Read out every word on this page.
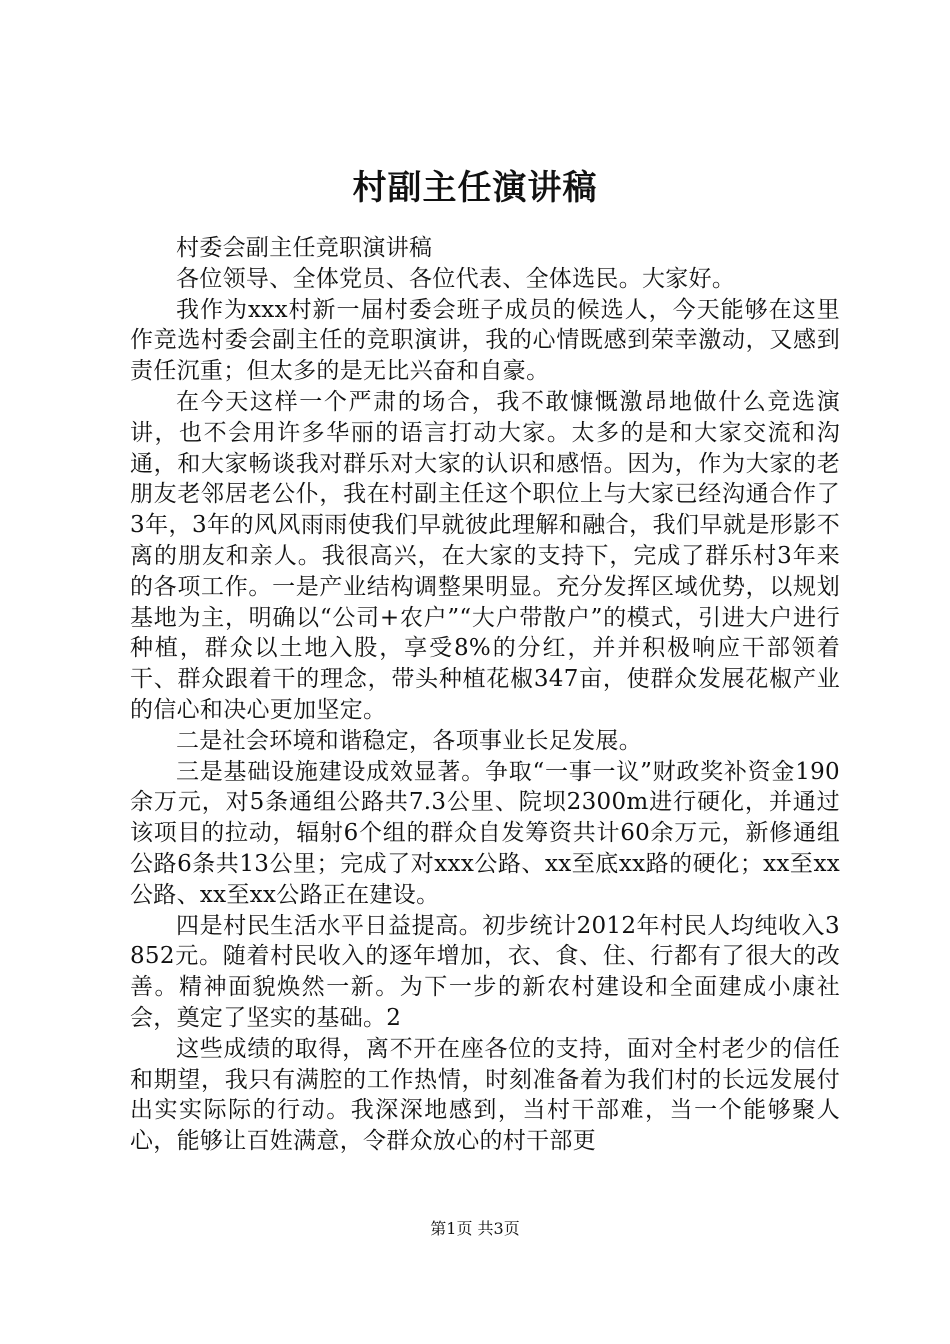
村副主任演讲稿

村委会副主任竞职演讲稿

各位领导、全体党员、各位代表、全体选民。大家好。

我作为xxx村新一届村委会班子成员的候选人，今天能够在这里作竞选村委会副主任的竞职演讲，我的心情既感到荣幸激动，又感到责任沉重；但太多的是无比兴奋和自豪。

在今天这样一个严肃的场合，我不敢慷慨激昂地做什么竞选演讲，也不会用许多华丽的语言打动大家。太多的是和大家交流和沟通，和大家畅谈我对群乐对大家的认识和感悟。因为，作为大家的老朋友老邻居老公仆，我在村副主任这个职位上与大家已经沟通合作了3年，3年的风风雨雨使我们早就彼此理解和融合，我们早就是形影不离的朋友和亲人。我很高兴，在大家的支持下，完成了群乐村3年来的各项工作。一是产业结构调整果明显。充分发挥区域优势，以规划基地为主，明确以“公司+农户”“大户带散户”的模式，引进大户进行种植，群众以土地入股，享受8%的分红，并并积极响应干部领着干、群众跟着干的理念，带头种植花椒347亩，使群众发展花椒产业的信心和决心更加坚定。

二是社会环境和谐稳定，各项事业长足发展。

三是基础设施建设成效显著。争取“一事一议”财政奖补资金190余万元，对5条通组公路共7.3公里、院坝2300m进行硬化，并通过该项目的拉动，辐射6个组的群众自发筹资共计60余万元，新修通组公路6条共13公里；完成了对xxx公路、xx至底xx路的硬化；xx至xx公路、xx至xx公路正在建设。

四是村民生活水平日益提高。初步统计2012年村民人均纯收入3852元。随着村民收入的逐年增加，衣、食、住、行都有了很大的改善。精神面貌焕然一新。为下一步的新农村建设和全面建成小康社会，奠定了坚实的基础。2

这些成绩的取得，离不开在座各位的支持，面对全村老少的信任和期望，我只有满腔的工作热情，时刻准备着为我们村的长远发展付出实实际际的行动。我深深地感到，当村干部难，当一个能够聚人心，能够让百姓满意，令群众放心的村干部更

第1页 共3页
